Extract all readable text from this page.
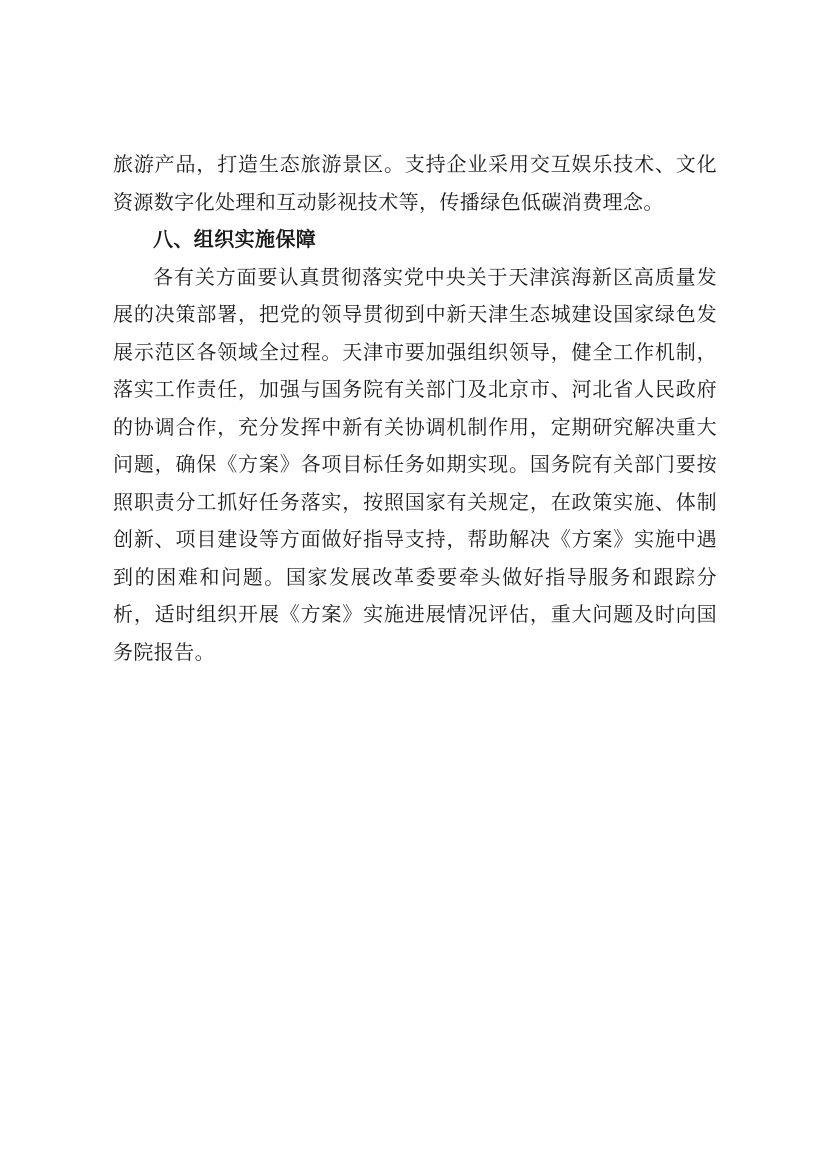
旅游产品，打造生态旅游景区。支持企业采用交互娱乐技术、文化资源数字化处理和互动影视技术等，传播绿色低碳消费理念。

八、组织实施保障

各有关方面要认真贯彻落实党中央关于天津滨海新区高质量发展的决策部署，把党的领导贯彻到中新天津生态城建设国家绿色发展示范区各领域全过程。天津市要加强组织领导，健全工作机制，落实工作责任，加强与国务院有关部门及北京市、河北省人民政府的协调合作，充分发挥中新有关协调机制作用，定期研究解决重大问题，确保《方案》各项目标任务如期实现。国务院有关部门要按照职责分工抓好任务落实，按照国家有关规定，在政策实施、体制创新、项目建设等方面做好指导支持，帮助解决《方案》实施中遇到的困难和问题。国家发展改革委要牵头做好指导服务和跟踪分析，适时组织开展《方案》实施进展情况评估，重大问题及时向国务院报告。
